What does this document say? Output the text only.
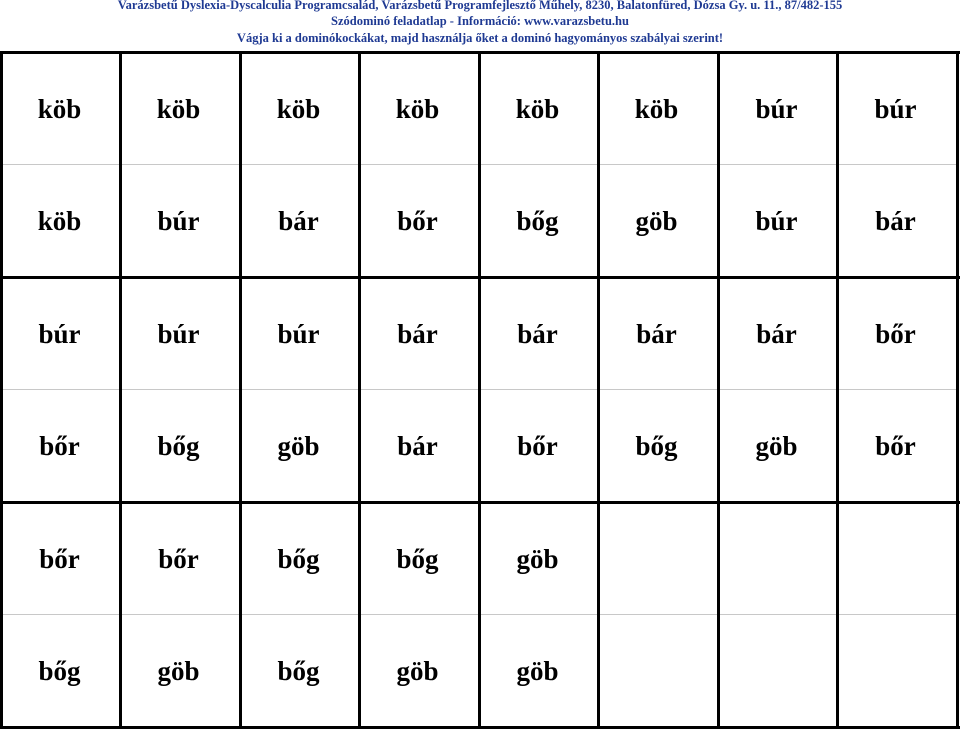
Varázsbetű Dyslexia-Dyscalculia Programcsalád, Varázsbetű Programfejlesztő Műhely, 8230, Balatonfüred, Dózsa Gy. u. 11., 87/482-155
Szódominó feladatlap - Információ: www.varazsbetu.hu
Vágja ki a dominókockákat, majd használja őket a dominó hagyományos szabályai szerint!
köb	köb	köb	köb	köb	köb	búr	búr
köb	búr	bár	bőr	bőg	göb	búr	bár
búr	búr	búr	bár	bár	bár	bár	bőr
bőr	bőg	göb	bár	bőr	bőg	göb	bőr
bőr	bőr	bőg	bőg	göb
bőg	göb	bőg	göb	göb
